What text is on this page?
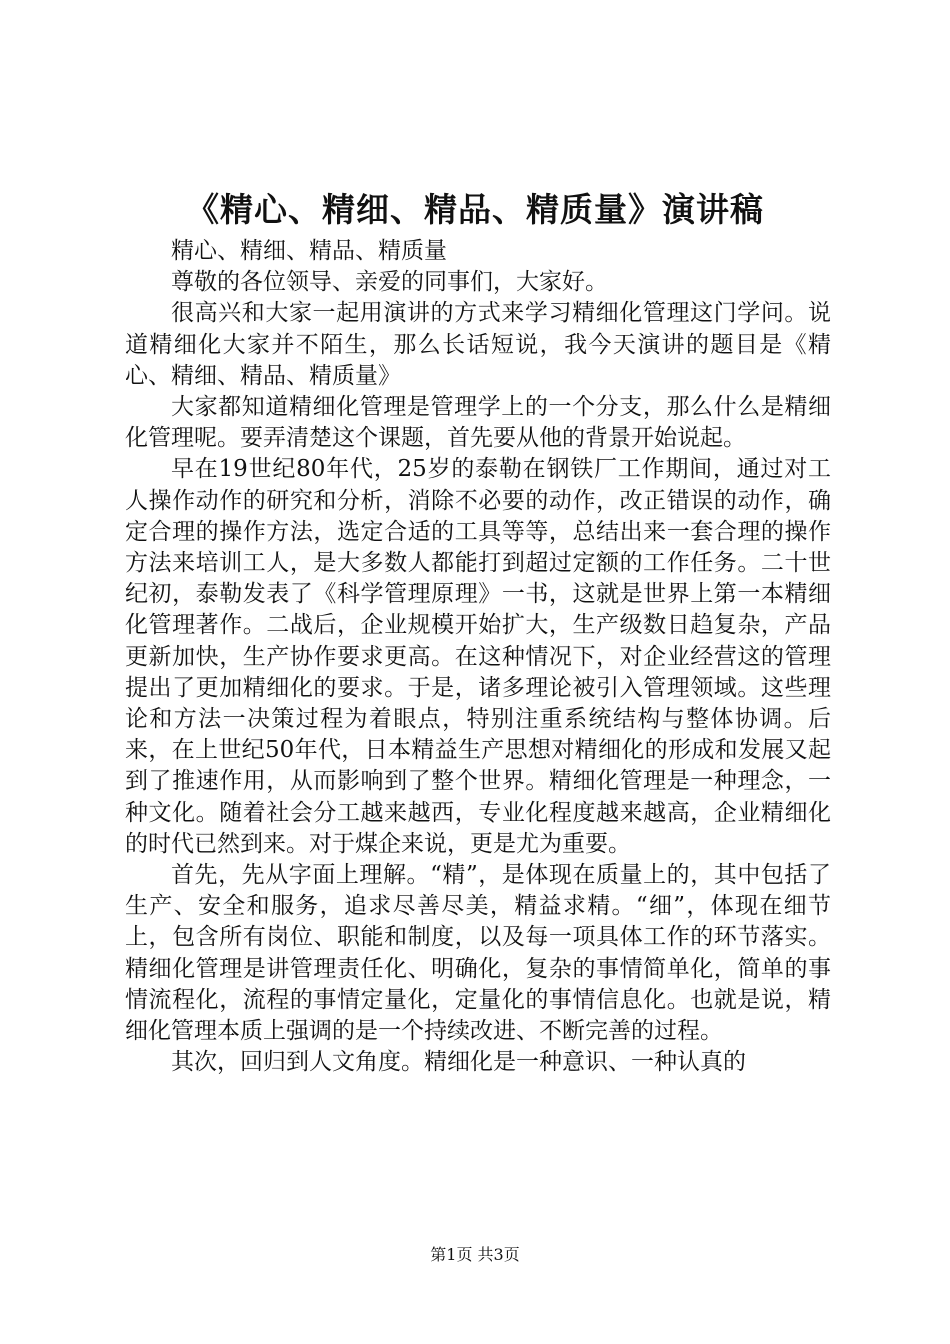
《精心、精细、精品、精质量》演讲稿

精心、精细、精品、精质量

尊敬的各位领导、亲爱的同事们，大家好。

很高兴和大家一起用演讲的方式来学习精细化管理这门学问。说道精细化大家并不陌生，那么长话短说，我今天演讲的题目是《精心、精细、精品、精质量》

大家都知道精细化管理是管理学上的一个分支，那么什么是精细化管理呢。要弄清楚这个课题，首先要从他的背景开始说起。

早在19世纪80年代，25岁的泰勒在钢铁厂工作期间，通过对工人操作动作的研究和分析，消除不必要的动作，改正错误的动作，确定合理的操作方法，选定合适的工具等等，总结出来一套合理的操作方法来培训工人，是大多数人都能打到超过定额的工作任务。二十世纪初，泰勒发表了《科学管理原理》一书，这就是世界上第一本精细化管理著作。二战后，企业规模开始扩大，生产级数日趋复杂，产品更新加快，生产协作要求更高。在这种情况下，对企业经营这的管理提出了更加精细化的要求。于是，诸多理论被引入管理领域。这些理论和方法一决策过程为着眼点，特别注重系统结构与整体协调。后来，在上世纪50年代，日本精益生产思想对精细化的形成和发展又起到了推速作用，从而影响到了整个世界。精细化管理是一种理念，一种文化。随着社会分工越来越西，专业化程度越来越高，企业精细化的时代已然到来。对于煤企来说，更是尤为重要。

首先，先从字面上理解。“精”，是体现在质量上的，其中包括了生产、安全和服务，追求尽善尽美，精益求精。“细”，体现在细节上，包含所有岗位、职能和制度，以及每一项具体工作的环节落实。精细化管理是讲管理责任化、明确化，复杂的事情简单化，简单的事情流程化，流程的事情定量化，定量化的事情信息化。也就是说，精细化管理本质上强调的是一个持续改进、不断完善的过程。

其次，回归到人文角度。精细化是一种意识、一种认真的

第1页 共3页
